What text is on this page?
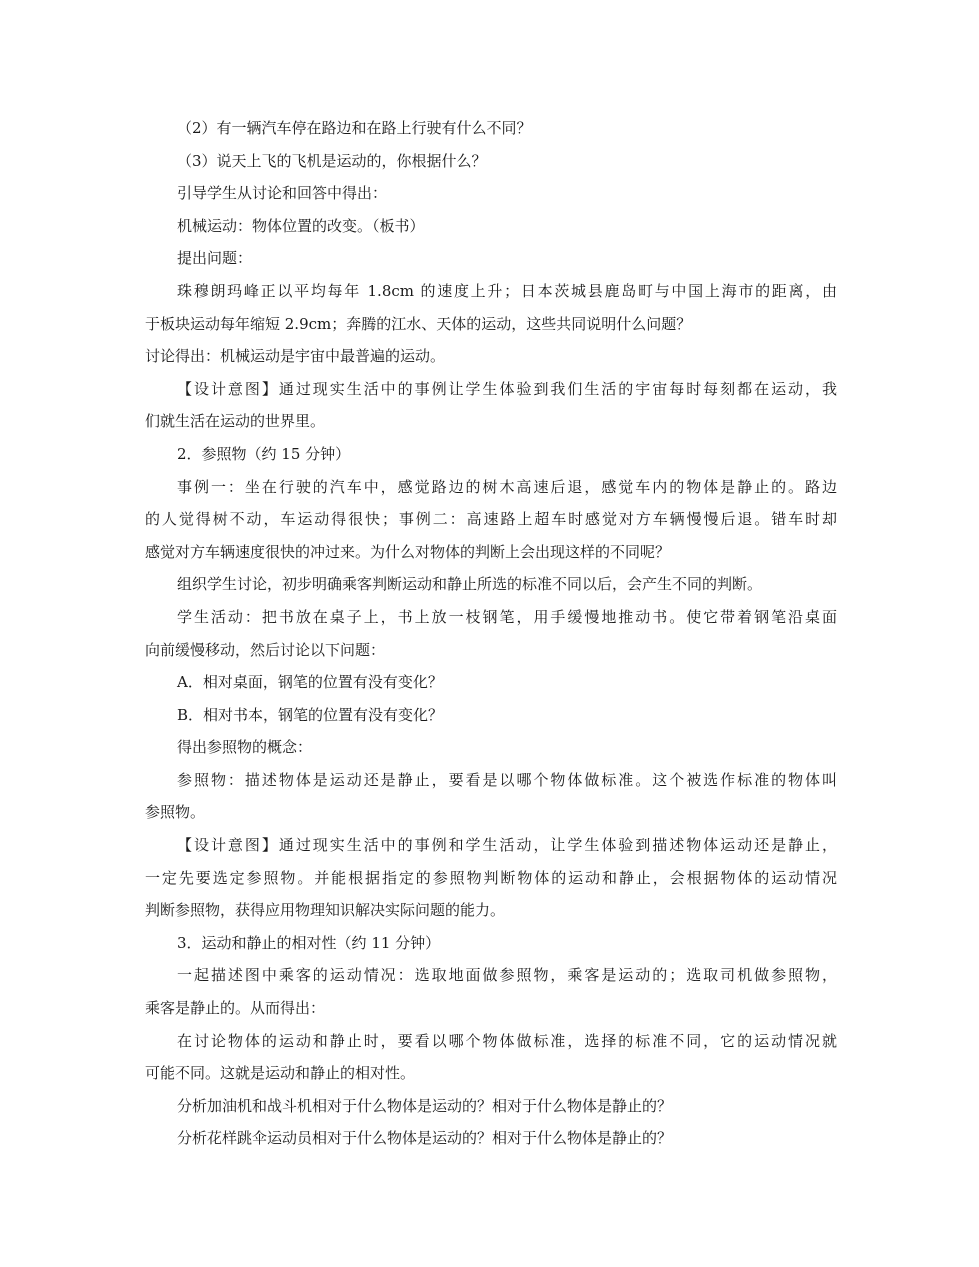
（2）有一辆汽车停在路边和在路上行驶有什么不同？
（3）说天上飞的飞机是运动的，你根据什么？
引导学生从讨论和回答中得出：
机械运动：物体位置的改变。（板书）
提出问题：
珠穆朗玛峰正以平均每年 1.8cm 的速度上升；日本茨城县鹿岛町与中国上海市的距离，由
于板块运动每年缩短 2.9cm；奔腾的江水、天体的运动，这些共同说明什么问题？
讨论得出：机械运动是宇宙中最普遍的运动。
【设计意图】通过现实生活中的事例让学生体验到我们生活的宇宙每时每刻都在运动，我
们就生活在运动的世界里。
2．参照物（约 15 分钟）
事例一：坐在行驶的汽车中，感觉路边的树木高速后退，感觉车内的物体是静止的。路边
的人觉得树不动，车运动得很快；事例二：高速路上超车时感觉对方车辆慢慢后退。错车时却
感觉对方车辆速度很快的冲过来。为什么对物体的判断上会出现这样的不同呢？
组织学生讨论，初步明确乘客判断运动和静止所选的标准不同以后，会产生不同的判断。
学生活动：把书放在桌子上，书上放一枝钢笔，用手缓慢地推动书。使它带着钢笔沿桌面
向前缓慢移动，然后讨论以下问题：
A．相对桌面，钢笔的位置有没有变化？
B．相对书本，钢笔的位置有没有变化？
得出参照物的概念：
参照物：描述物体是运动还是静止，要看是以哪个物体做标准。这个被选作标准的物体叫
参照物。
【设计意图】通过现实生活中的事例和学生活动，让学生体验到描述物体运动还是静止，
一定先要选定参照物。并能根据指定的参照物判断物体的运动和静止，会根据物体的运动情况
判断参照物，获得应用物理知识解决实际问题的能力。
3．运动和静止的相对性（约 11 分钟）
一起描述图中乘客的运动情况：选取地面做参照物，乘客是运动的；选取司机做参照物，
乘客是静止的。从而得出：
在讨论物体的运动和静止时，要看以哪个物体做标准，选择的标准不同，它的运动情况就
可能不同。这就是运动和静止的相对性。
分析加油机和战斗机相对于什么物体是运动的？相对于什么物体是静止的？
分析花样跳伞运动员相对于什么物体是运动的？相对于什么物体是静止的？
